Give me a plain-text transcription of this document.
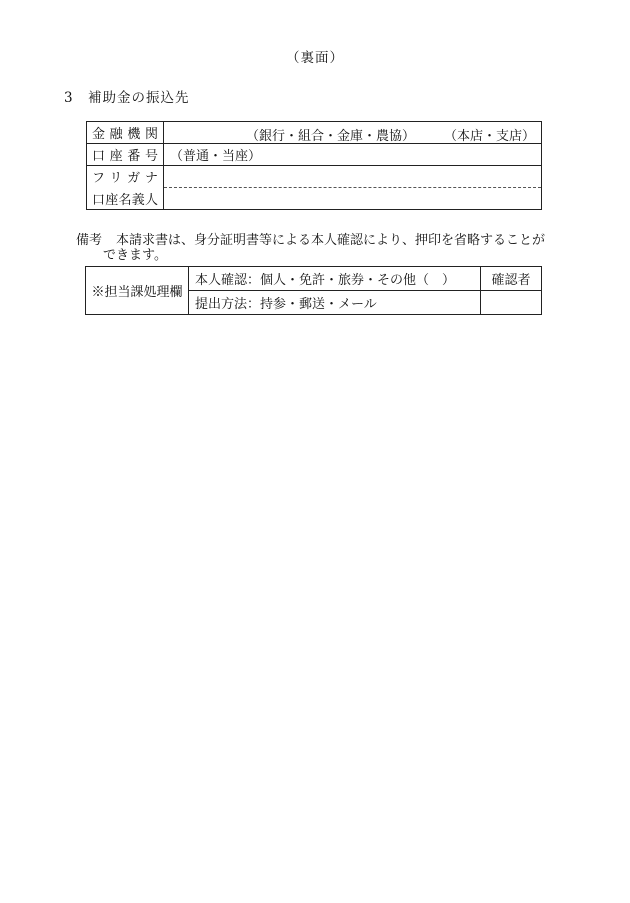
（裏面）
3 補助金の振込先
金融機関	（銀行・組合・金庫・農協） （本店・支店）

口座番号	（普通・当座）
フリガナ	
口座名義人	
備考 本請求書は、身分証明書等による本人確認により、押印を省略することが
できます。
※担当課処理欄	本人確認：個人・免許・旅券・その他（　）	確認者
	提出方法：持参・郵送・メール	
